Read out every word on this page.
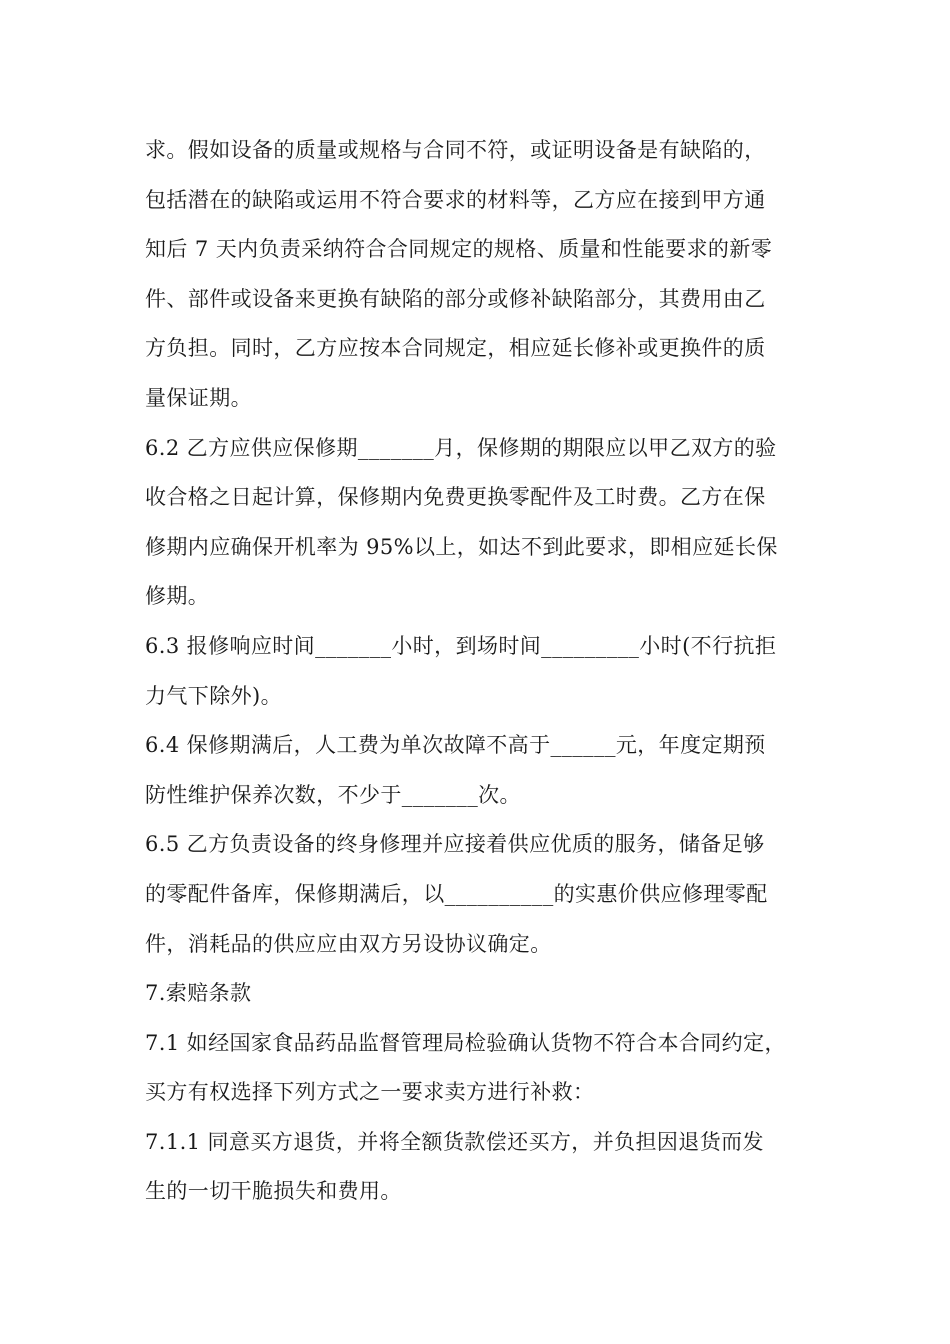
求。假如设备的质量或规格与合同不符，或证明设备是有缺陷的，
包括潜在的缺陷或运用不符合要求的材料等，乙方应在接到甲方通
知后 7 天内负责采纳符合合同规定的规格、质量和性能要求的新零
件、部件或设备来更换有缺陷的部分或修补缺陷部分，其费用由乙
方负担。同时，乙方应按本合同规定，相应延长修补或更换件的质
量保证期。
6.2 乙方应供应保修期_______月，保修期的期限应以甲乙双方的验
收合格之日起计算，保修期内免费更换零配件及工时费。乙方在保
修期内应确保开机率为 95%以上，如达不到此要求，即相应延长保
修期。
6.3 报修响应时间_______小时，到场时间_________小时(不行抗拒
力气下除外)。
6.4 保修期满后，人工费为单次故障不高于______元，年度定期预
防性维护保养次数，不少于_______次。
6.5 乙方负责设备的终身修理并应接着供应优质的服务，储备足够
的零配件备库，保修期满后，以__________的实惠价供应修理零配
件，消耗品的供应应由双方另设协议确定。
7.索赔条款
7.1 如经国家食品药品监督管理局检验确认货物不符合本合同约定，
买方有权选择下列方式之一要求卖方进行补救：
7.1.1 同意买方退货，并将全额货款偿还买方，并负担因退货而发
生的一切干脆损失和费用。
